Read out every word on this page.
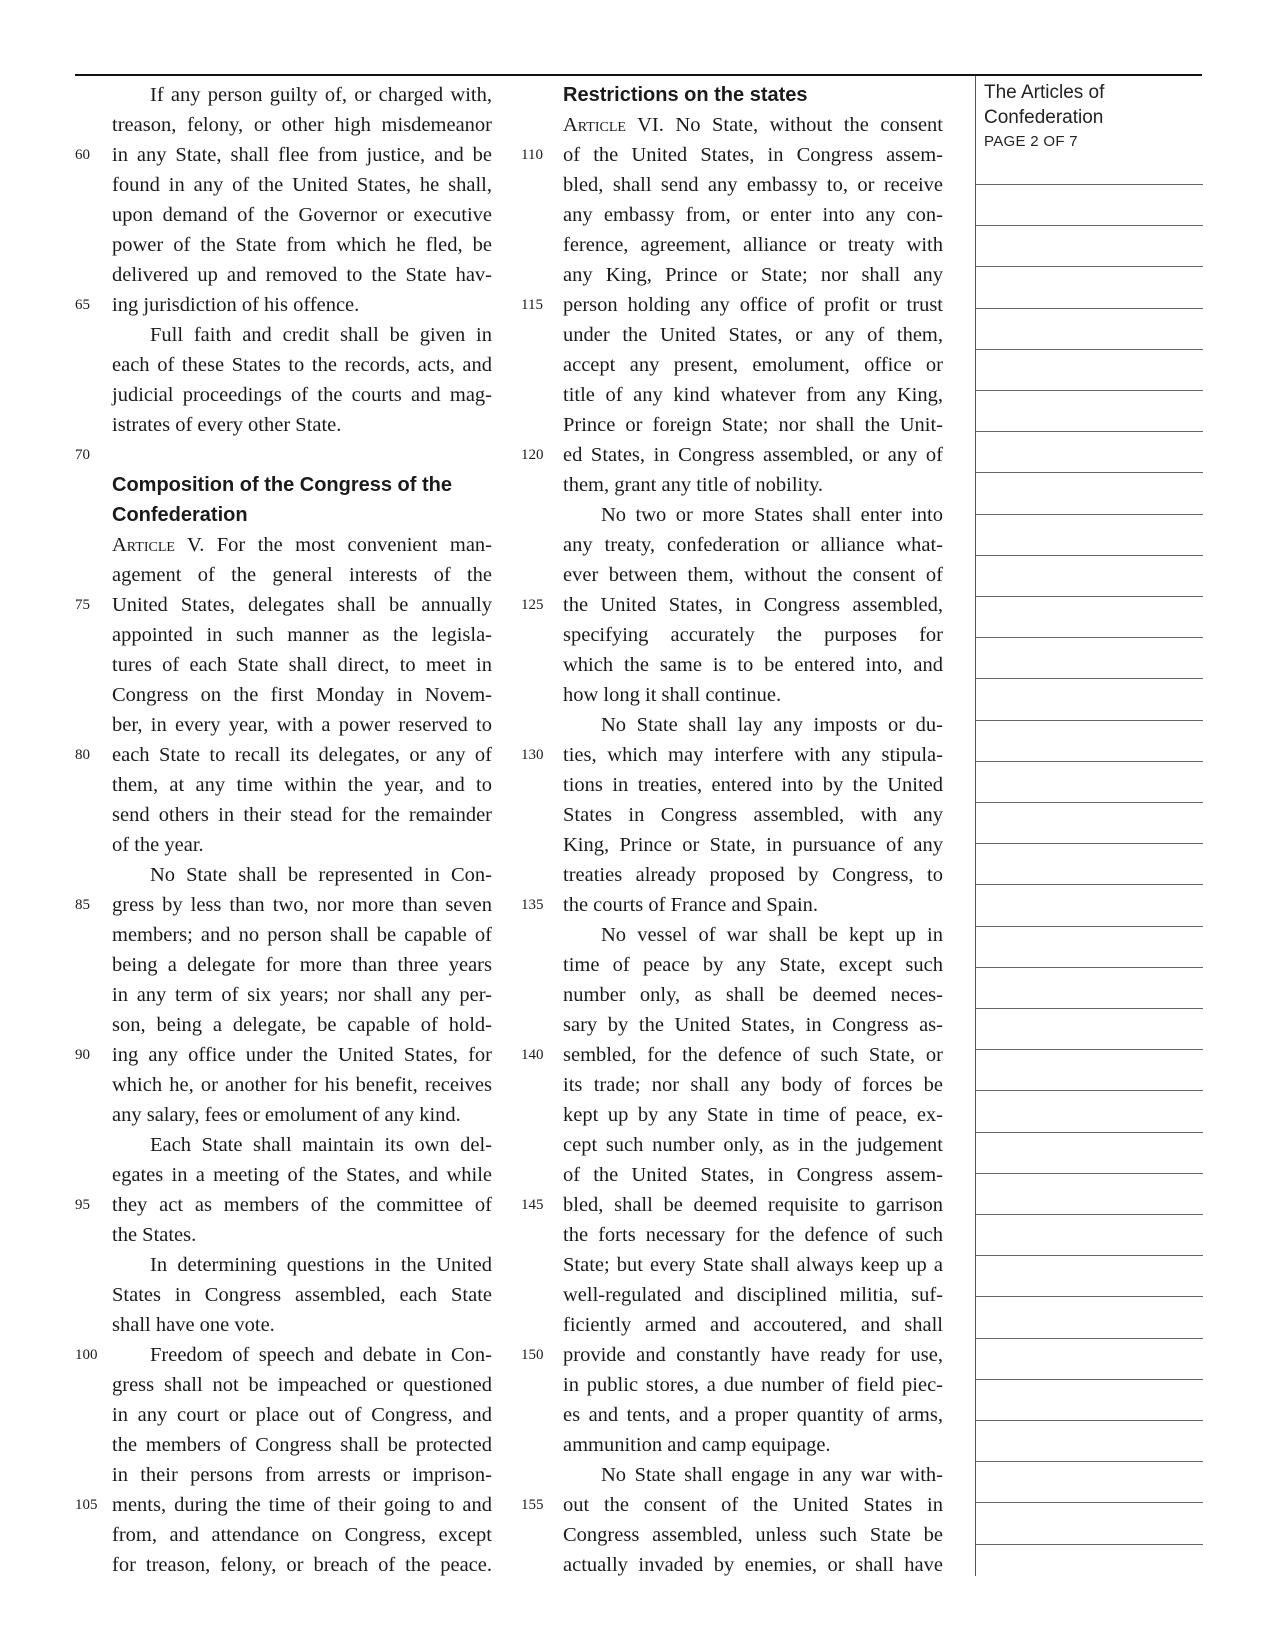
If any person guilty of, or charged with,
treason, felony, or other high misdemeanor
60	in any State, shall flee from justice, and be
found in any of the United States, he shall,
upon demand of the Governor or executive
power of the State from which he fled, be
delivered up and removed to the State hav-
65	ing jurisdiction of his offence.
Full faith and credit shall be given in
each of these States to the records, acts, and
judicial proceedings of the courts and mag-
istrates of every other State.
70
Composition of the Congress of the
Confederation
Article V. For the most convenient man-
agement of the general interests of the
75	United States, delegates shall be annually
appointed in such manner as the legisla-
tures of each State shall direct, to meet in
Congress on the first Monday in Novem-
ber, in every year, with a power reserved to
80	each State to recall its delegates, or any of
them, at any time within the year, and to
send others in their stead for the remainder
of the year.
No State shall be represented in Con-
85	gress by less than two, nor more than seven
members; and no person shall be capable of
being a delegate for more than three years
in any term of six years; nor shall any per-
son, being a delegate, be capable of hold-
90	ing any office under the United States, for
which he, or another for his benefit, receives
any salary, fees or emolument of any kind.
Each State shall maintain its own del-
egates in a meeting of the States, and while
95	they act as members of the committee of
the States.
In determining questions in the United
States in Congress assembled, each State
shall have one vote.
100	Freedom of speech and debate in Con-
gress shall not be impeached or questioned
in any court or place out of Congress, and
the members of Congress shall be protected
in their persons from arrests or imprison-
105 ments, during the time of their going to and
from, and attendance on Congress, except
for treason, felony, or breach of the peace.
Restrictions on the states
Article VI. No State, without the consent
110 of the United States, in Congress assem-
bled, shall send any embassy to, or receive
any embassy from, or enter into any con-
ference, agreement, alliance or treaty with
any King, Prince or State; nor shall any
115 person holding any office of profit or trust
under the United States, or any of them,
accept any present, emolument, office or
title of any kind whatever from any King,
Prince or foreign State; nor shall the Unit-
120 ed States, in Congress assembled, or any of
them, grant any title of nobility.
No two or more States shall enter into
any treaty, confederation or alliance what-
ever between them, without the consent of
125 the United States, in Congress assembled,
specifying accurately the purposes for
which the same is to be entered into, and
how long it shall continue.
No State shall lay any imposts or du-
130 ties, which may interfere with any stipula-
tions in treaties, entered into by the United
States in Congress assembled, with any
King, Prince or State, in pursuance of any
treaties already proposed by Congress, to
135 the courts of France and Spain.
No vessel of war shall be kept up in
time of peace by any State, except such
number only, as shall be deemed neces-
sary by the United States, in Congress as-
140 sembled, for the defence of such State, or
its trade; nor shall any body of forces be
kept up by any State in time of peace, ex-
cept such number only, as in the judgement
of the United States, in Congress assem-
145 bled, shall be deemed requisite to garrison
the forts necessary for the defence of such
State; but every State shall always keep up a
well-regulated and disciplined militia, suf-
ficiently armed and accoutered, and shall
150 provide and constantly have ready for use,
in public stores, a due number of field piec-
es and tents, and a proper quantity of arms,
ammunition and camp equipage.
No State shall engage in any war with-
155 out the consent of the United States in
Congress assembled, unless such State be
actually invaded by enemies, or shall have
The Articles of
Confederation
PAGE 2 OF 7
